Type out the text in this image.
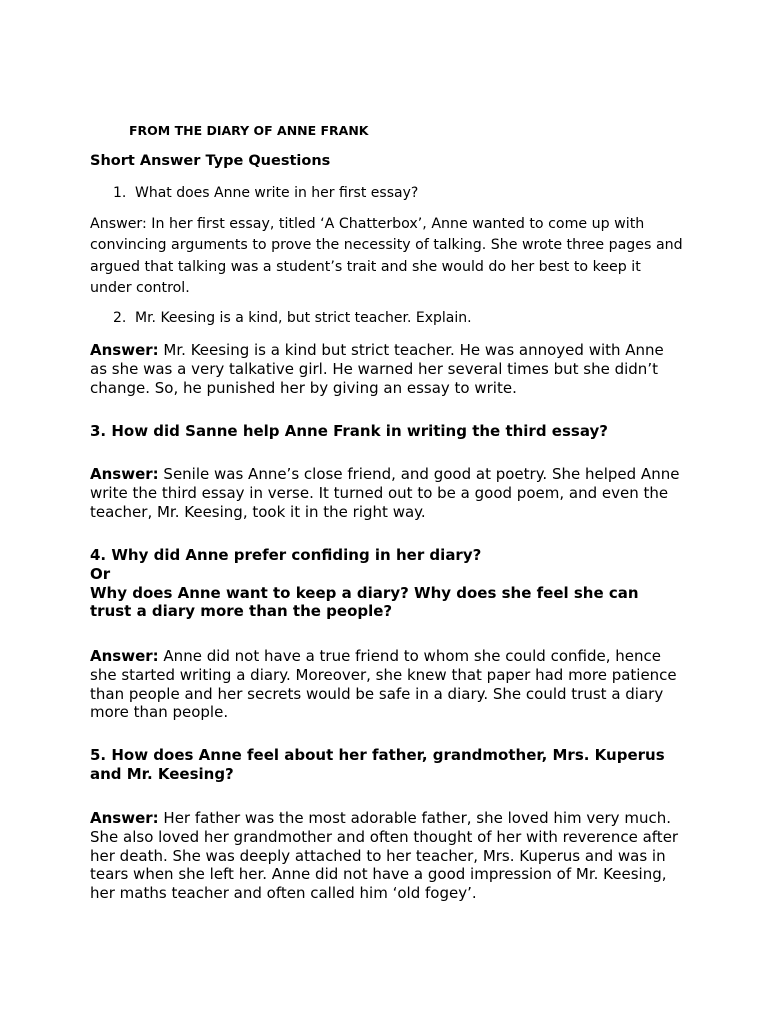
FROM THE DIARY OF ANNE FRANK

Short Answer Type Questions

1. What does Anne write in her first essay?

Answer: In her first essay, titled ‘A Chatterbox’, Anne wanted to come up with convincing arguments to prove the necessity of talking. She wrote three pages and argued that talking was a student’s trait and she would do her best to keep it under control.

2. Mr. Keesing is a kind, but strict teacher. Explain.

Answer: Mr. Keesing is a kind but strict teacher. He was annoyed with Anne as she was a very talkative girl. He warned her several times but she didn’t change. So, he punished her by giving an essay to write.

3. How did Sanne help Anne Frank in writing the third essay?

Answer: Senile was Anne’s close friend, and good at poetry. She helped Anne write the third essay in verse. It turned out to be a good poem, and even the teacher, Mr. Keesing, took it in the right way.

4. Why did Anne prefer confiding in her diary?
Or
Why does Anne want to keep a diary? Why does she feel she can trust a diary more than the people?

Answer: Anne did not have a true friend to whom she could confide, hence she started writing a diary. Moreover, she knew that paper had more patience than people and her secrets would be safe in a diary. She could trust a diary more than people.

5. How does Anne feel about her father, grandmother, Mrs. Kuperus and Mr. Keesing?

Answer: Her father was the most adorable father, she loved him very much. She also loved her grandmother and often thought of her with reverence after her death. She was deeply attached to her teacher, Mrs. Kuperus and was in tears when she left her. Anne did not have a good impression of Mr. Keesing, her maths teacher and often called him ‘old fogey’.
